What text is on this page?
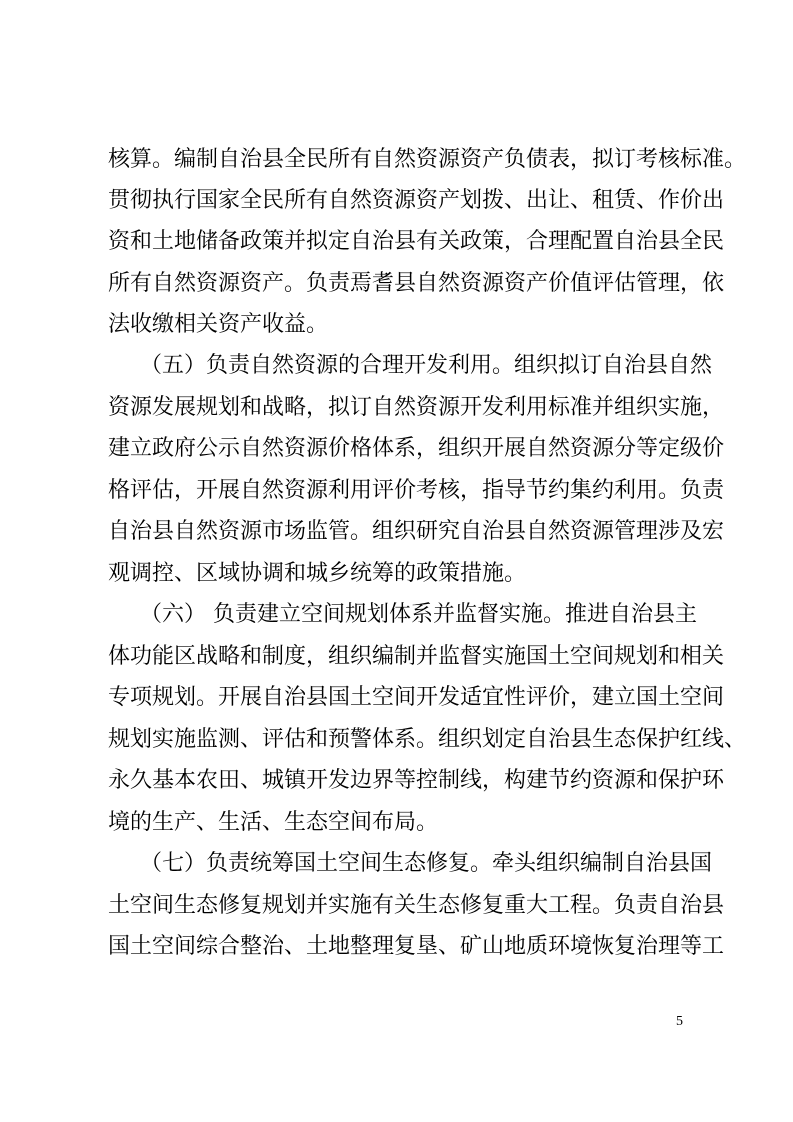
核算。编制自治县全民所有自然资源资产负债表，拟订考核标准。
贯彻执行国家全民所有自然资源资产划拨、出让、租赁、作价出
资和土地储备政策并拟定自治县有关政策，合理配置自治县全民
所有自然资源资产。负责焉耆县自然资源资产价值评估管理，依
法收缴相关资产收益。
（五）负责自然资源的合理开发利用。组织拟订自治县自然
资源发展规划和战略，拟订自然资源开发利用标准并组织实施，
建立政府公示自然资源价格体系，组织开展自然资源分等定级价
格评估，开展自然资源利用评价考核，指导节约集约利用。负责
自治县自然资源市场监管。组织研究自治县自然资源管理涉及宏
观调控、区域协调和城乡统筹的政策措施。
（六） 负责建立空间规划体系并监督实施。推进自治县主
体功能区战略和制度，组织编制并监督实施国土空间规划和相关
专项规划。开展自治县国土空间开发适宜性评价，建立国土空间
规划实施监测、评估和预警体系。组织划定自治县生态保护红线、
永久基本农田、城镇开发边界等控制线，构建节约资源和保护环
境的生产、生活、生态空间布局。
（七）负责统筹国土空间生态修复。牵头组织编制自治县国
土空间生态修复规划并实施有关生态修复重大工程。负责自治县
国土空间综合整治、土地整理复垦、矿山地质环境恢复治理等工
5
